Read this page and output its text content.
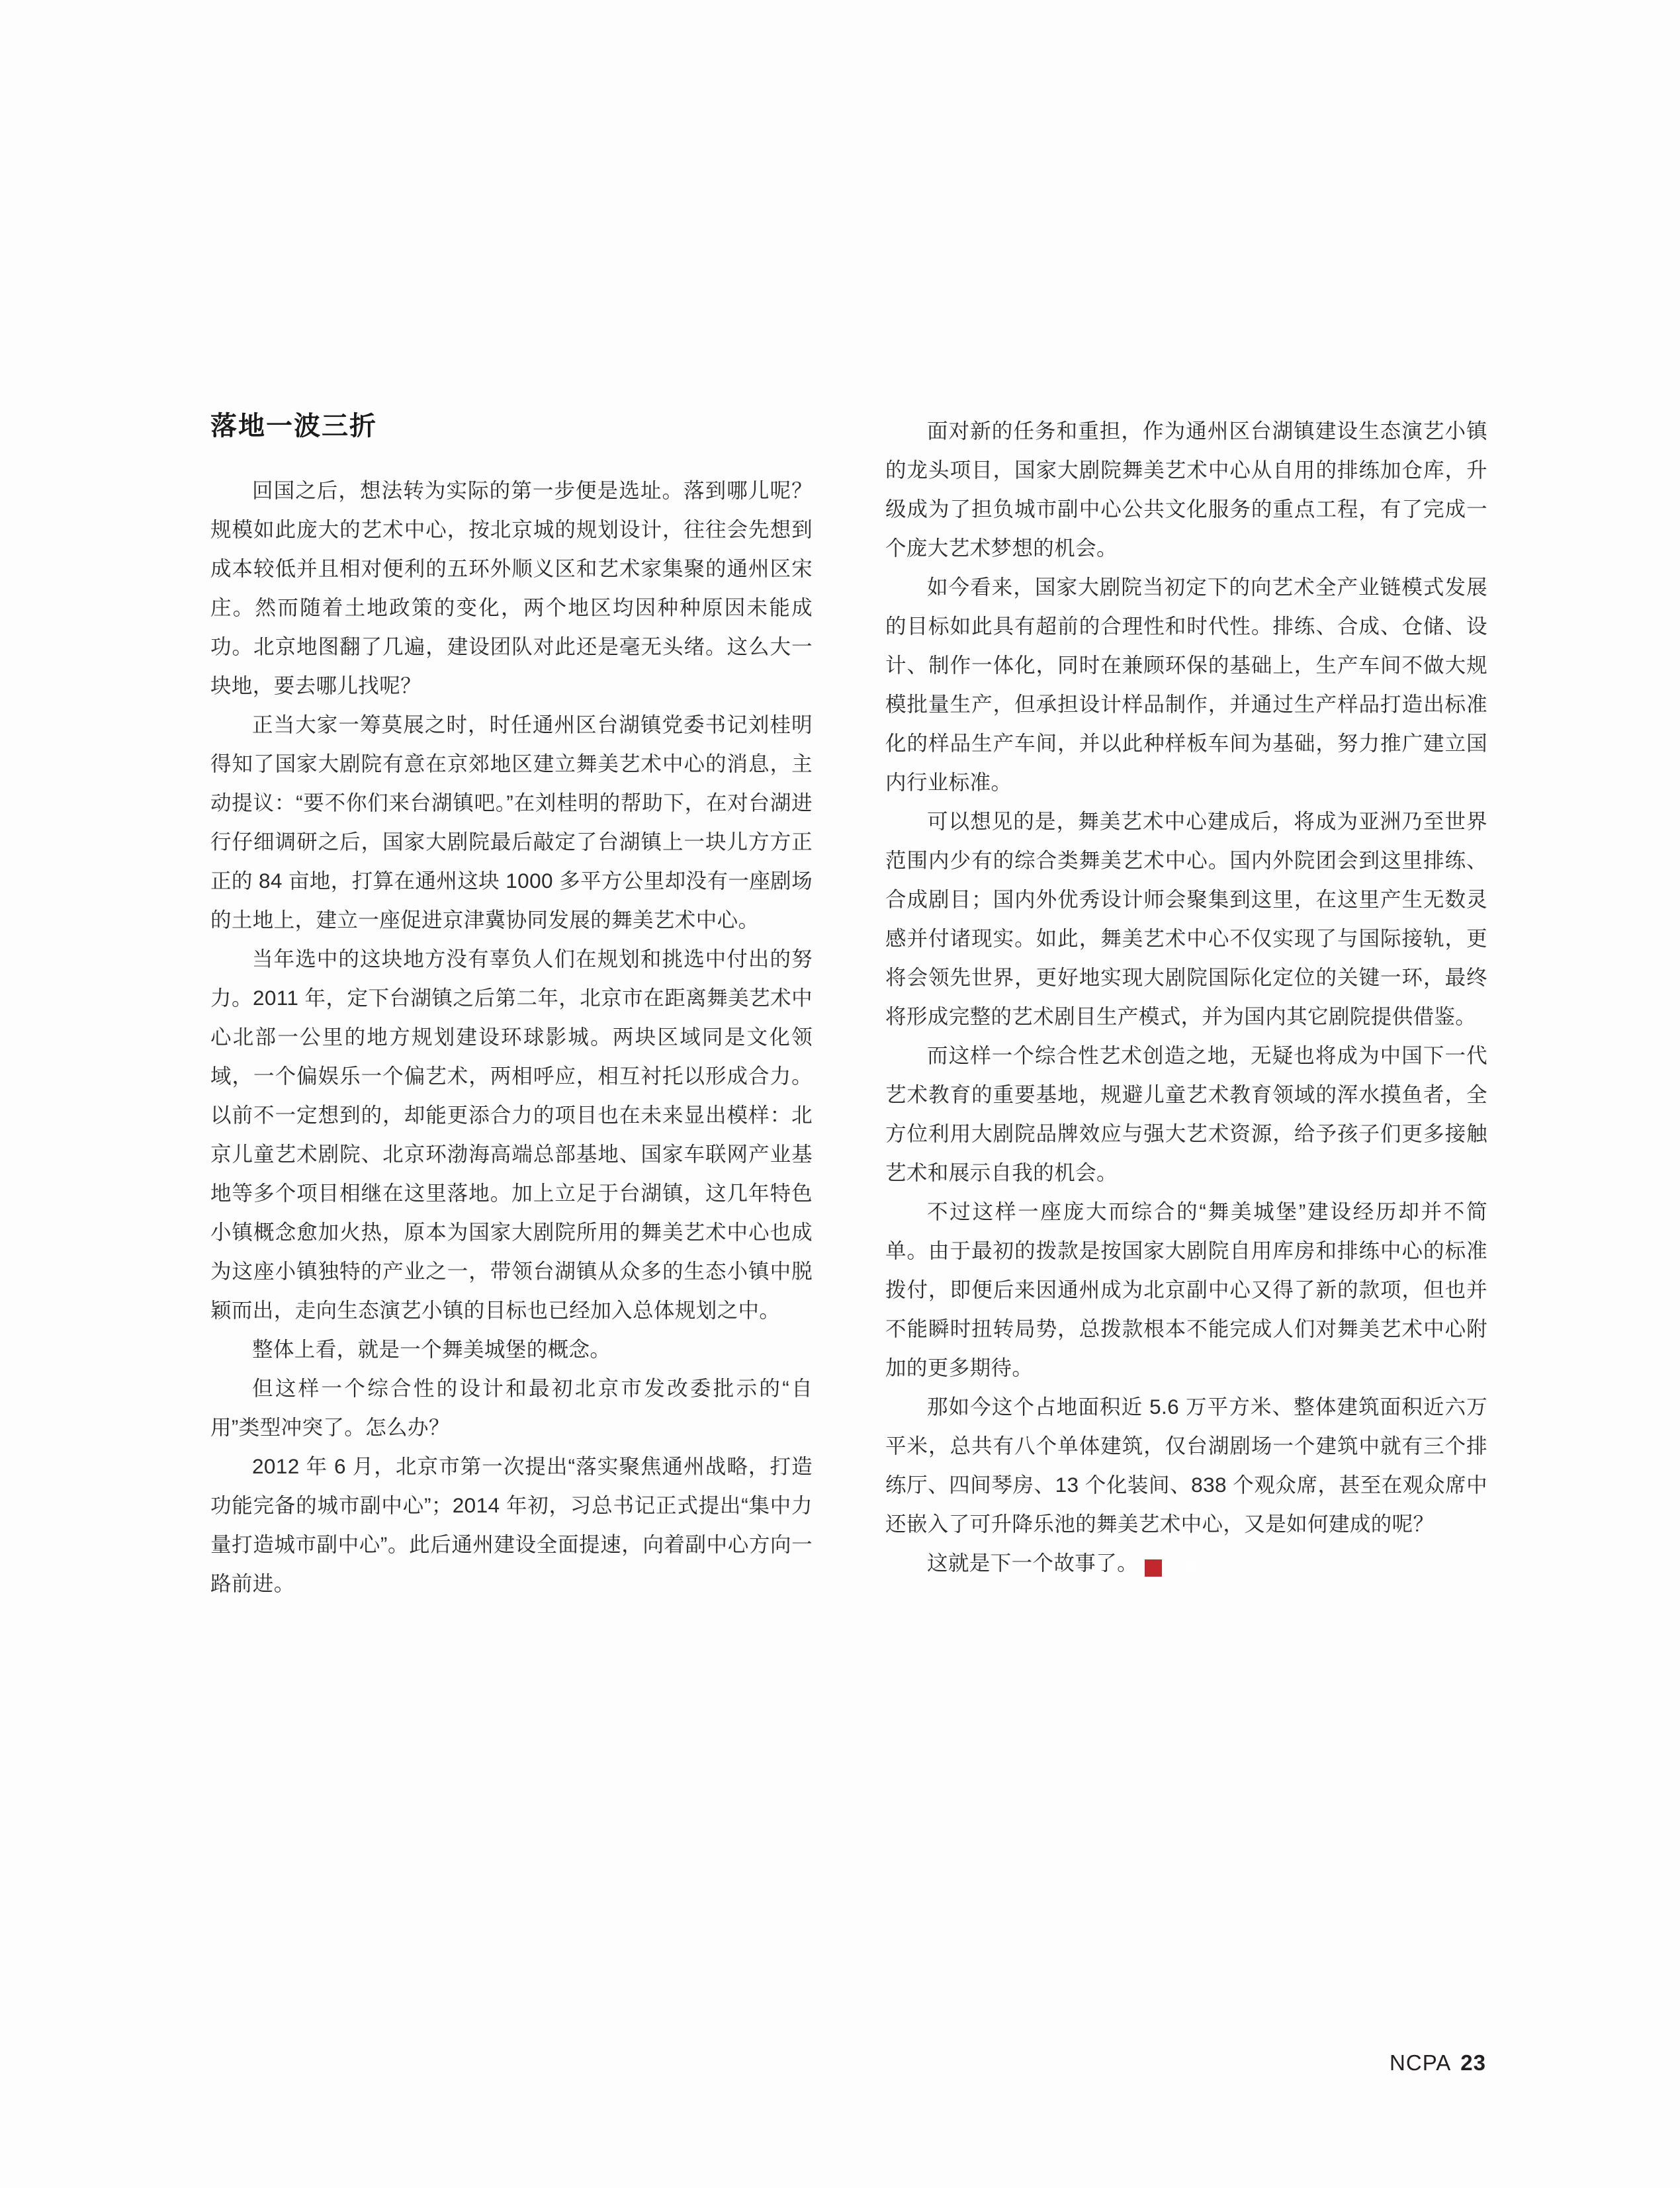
落地一波三折

回国之后，想法转为实际的第一步便是选址。落到哪儿呢？规模如此庞大的艺术中心，按北京城的规划设计，往往会先想到成本较低并且相对便利的五环外顺义区和艺术家集聚的通州区宋庄。然而随着土地政策的变化，两个地区均因种种原因未能成功。北京地图翻了几遍，建设团队对此还是毫无头绪。这么大一块地，要去哪儿找呢？

正当大家一筹莫展之时，时任通州区台湖镇党委书记刘桂明得知了国家大剧院有意在京郊地区建立舞美艺术中心的消息，主动提议：“要不你们来台湖镇吧。”在刘桂明的帮助下，在对台湖进行仔细调研之后，国家大剧院最后敲定了台湖镇上一块儿方方正正的 84 亩地，打算在通州这块 1000 多平方公里却没有一座剧场的土地上，建立一座促进京津冀协同发展的舞美艺术中心。

当年选中的这块地方没有辜负人们在规划和挑选中付出的努力。2011 年，定下台湖镇之后第二年，北京市在距离舞美艺术中心北部一公里的地方规划建设环球影城。两块区域同是文化领域，一个偏娱乐一个偏艺术，两相呼应，相互衬托以形成合力。以前不一定想到的，却能更添合力的项目也在未来显出模样：北京儿童艺术剧院、北京环渤海高端总部基地、国家车联网产业基地等多个项目相继在这里落地。加上立足于台湖镇，这几年特色小镇概念愈加火热，原本为国家大剧院所用的舞美艺术中心也成为这座小镇独特的产业之一，带领台湖镇从众多的生态小镇中脱颖而出，走向生态演艺小镇的目标也已经加入总体规划之中。

整体上看，就是一个舞美城堡的概念。

但这样一个综合性的设计和最初北京市发改委批示的“自用”类型冲突了。怎么办？

2012 年 6 月，北京市第一次提出“落实聚焦通州战略，打造功能完备的城市副中心”；2014 年初，习总书记正式提出“集中力量打造城市副中心”。此后通州建设全面提速，向着副中心方向一路前进。

面对新的任务和重担，作为通州区台湖镇建设生态演艺小镇的龙头项目，国家大剧院舞美艺术中心从自用的排练加仓库，升级成为了担负城市副中心公共文化服务的重点工程，有了完成一个庞大艺术梦想的机会。

如今看来，国家大剧院当初定下的向艺术全产业链模式发展的目标如此具有超前的合理性和时代性。排练、合成、仓储、设计、制作一体化，同时在兼顾环保的基础上，生产车间不做大规模批量生产，但承担设计样品制作，并通过生产样品打造出标准化的样品生产车间，并以此种样板车间为基础，努力推广建立国内行业标准。

可以想见的是，舞美艺术中心建成后，将成为亚洲乃至世界范围内少有的综合类舞美艺术中心。国内外院团会到这里排练、合成剧目；国内外优秀设计师会聚集到这里，在这里产生无数灵感并付诸现实。如此，舞美艺术中心不仅实现了与国际接轨，更将会领先世界，更好地实现大剧院国际化定位的关键一环，最终将形成完整的艺术剧目生产模式，并为国内其它剧院提供借鉴。

而这样一个综合性艺术创造之地，无疑也将成为中国下一代艺术教育的重要基地，规避儿童艺术教育领域的浑水摸鱼者，全方位利用大剧院品牌效应与强大艺术资源，给予孩子们更多接触艺术和展示自我的机会。

不过这样一座庞大而综合的“舞美城堡”建设经历却并不简单。由于最初的拨款是按国家大剧院自用库房和排练中心的标准拨付，即便后来因通州成为北京副中心又得了新的款项，但也并不能瞬时扭转局势，总拨款根本不能完成人们对舞美艺术中心附加的更多期待。

那如今这个占地面积近 5.6 万平方米、整体建筑面积近六万平米，总共有八个单体建筑，仅台湖剧场一个建筑中就有三个排练厅、四间琴房、13 个化装间、838 个观众席，甚至在观众席中还嵌入了可升降乐池的舞美艺术中心，又是如何建成的呢？

这就是下一个故事了。	剧

NCPA 23
